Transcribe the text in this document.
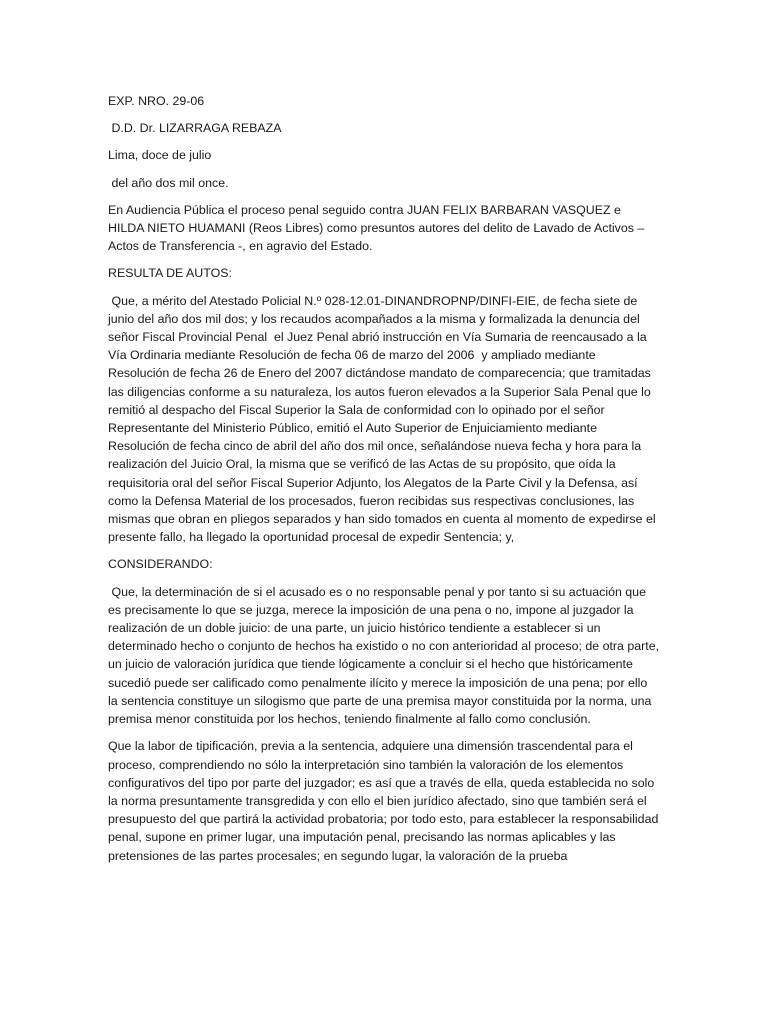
EXP. NRO. 29-06

D.D. Dr. LIZARRAGA REBAZA

Lima, doce de julio

del año dos mil once.

En Audiencia Pública el proceso penal seguido contra JUAN FELIX BARBARAN VASQUEZ e HILDA NIETO HUAMANI (Reos Libres) como presuntos autores del delito de Lavado de Activos – Actos de Transferencia -, en agravio del Estado.

RESULTA DE AUTOS:

Que, a mérito del Atestado Policial N.º 028-12.01-DINANDROPNP/DINFI-EIE, de fecha siete de junio del año dos mil dos; y los recaudos acompañados a la misma y formalizada la denuncia del señor Fiscal Provincial Penal  el Juez Penal abrió instrucción en Vía Sumaria de reencausado a la Vía Ordinaria mediante Resolución de fecha 06 de marzo del 2006  y ampliado mediante Resolución de fecha 26 de Enero del 2007 dictándose mandato de comparecencia; que tramitadas las diligencias conforme a su naturaleza, los autos fueron elevados a la Superior Sala Penal que lo remitió al despacho del Fiscal Superior la Sala de conformidad con lo opinado por el señor Representante del Ministerio Público, emitió el Auto Superior de Enjuiciamiento mediante Resolución de fecha cinco de abril del año dos mil once, señalándose nueva fecha y hora para la realización del Juicio Oral, la misma que se verificó de las Actas de su propósito, que oída la requisitoria oral del señor Fiscal Superior Adjunto, los Alegatos de la Parte Civil y la Defensa, así como la Defensa Material de los procesados, fueron recibidas sus respectivas conclusiones, las mismas que obran en pliegos separados y han sido tomados en cuenta al momento de expedirse el presente fallo, ha llegado la oportunidad procesal de expedir Sentencia; y,

CONSIDERANDO:

Que, la determinación de si el acusado es o no responsable penal y por tanto si su actuación que es precisamente lo que se juzga, merece la imposición de una pena o no, impone al juzgador la realización de un doble juicio: de una parte, un juicio histórico tendiente a establecer si un determinado hecho o conjunto de hechos ha existido o no con anterioridad al proceso; de otra parte, un juicio de valoración jurídica que tiende lógicamente a concluir si el hecho que históricamente sucedió puede ser calificado como penalmente ilícito y merece la imposición de una pena; por ello la sentencia constituye un silogismo que parte de una premisa mayor constituida por la norma, una premisa menor constituida por los hechos, teniendo finalmente al fallo como conclusión.

Que la labor de tipificación, previa a la sentencia, adquiere una dimensión trascendental para el proceso, comprendiendo no sólo la interpretación sino también la valoración de los elementos configurativos del tipo por parte del juzgador; es así que a través de ella, queda establecida no solo la norma presuntamente transgredida y con ello el bien jurídico afectado, sino que también será el presupuesto del que partirá la actividad probatoria; por todo esto, para establecer la responsabilidad penal, supone en primer lugar, una imputación penal, precisando las normas aplicables y las pretensiones de las partes procesales; en segundo lugar, la valoración de la prueba
